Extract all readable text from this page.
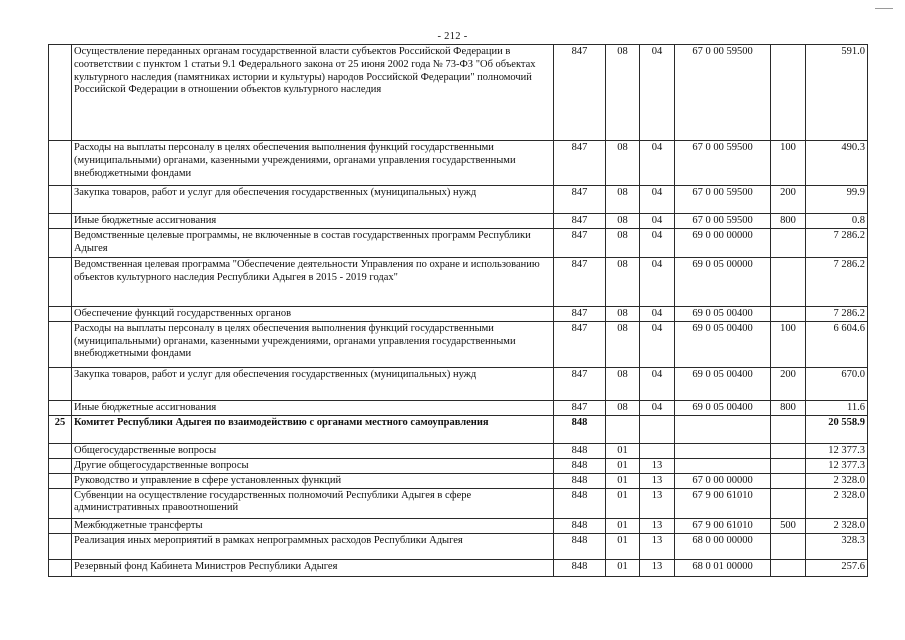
- 212 -
	Осуществление переданных органам государственной власти субъектов Российской Федерации в соответствии с пунктом 1 статьи 9.1 Федерального закона от 25 июня 2002 года № 73-ФЗ "Об объектах культурного наследия (памятниках истории и культуры) народов Российской Федерации" полномочий Российской Федерации в отношении объектов культурного наследия	847	08	04	67 0 00 59500		591.0
	Расходы на выплаты персоналу в целях обеспечения выполнения функций государственными (муниципальными) органами, казенными учреждениями, органами управления государственными внебюджетными фондами	847	08	04	67 0 00 59500	100	490.3
	Закупка товаров, работ и услуг для обеспечения государственных (муниципальных) нужд	847	08	04	67 0 00 59500	200	99.9
	Иные бюджетные ассигнования	847	08	04	67 0 00 59500	800	0.8
	Ведомственные целевые программы, не включенные в состав государственных программ Республики Адыгея	847	08	04	69 0 00 00000		7 286.2
	Ведомственная целевая программа "Обеспечение деятельности Управления по охране и использованию объектов культурного наследия Республики Адыгея в 2015 - 2019 годах"	847	08	04	69 0 05 00000		7 286.2
	Обеспечение функций государственных органов	847	08	04	69 0 05 00400		7 286.2
	Расходы на выплаты персоналу в целях обеспечения выполнения функций государственными (муниципальными) органами, казенными учреждениями, органами управления государственными внебюджетными фондами	847	08	04	69 0 05 00400	100	6 604.6
	Закупка товаров, работ и услуг для обеспечения государственных (муниципальных) нужд	847	08	04	69 0 05 00400	200	670.0
	Иные бюджетные ассигнования	847	08	04	69 0 05 00400	800	11.6
25	Комитет Республики Адыгея по взаимодействию с органами местного самоуправления	848					20 558.9
	Общегосударственные вопросы	848	01				12 377.3
	Другие общегосударственные вопросы	848	01	13			12 377.3
	Руководство и управление в сфере установленных функций	848	01	13	67 0 00 00000		2 328.0
	Субвенции на осуществление государственных полномочий Республики Адыгея в сфере административных правоотношений	848	01	13	67 9 00 61010		2 328.0
	Межбюджетные трансферты	848	01	13	67 9 00 61010	500	2 328.0
	Реализация иных мероприятий в рамках непрограммных расходов Республики Адыгея	848	01	13	68 0 00 00000		328.3
	Резервный фонд Кабинета Министров Республики Адыгея	848	01	13	68 0 01 00000		257.6
